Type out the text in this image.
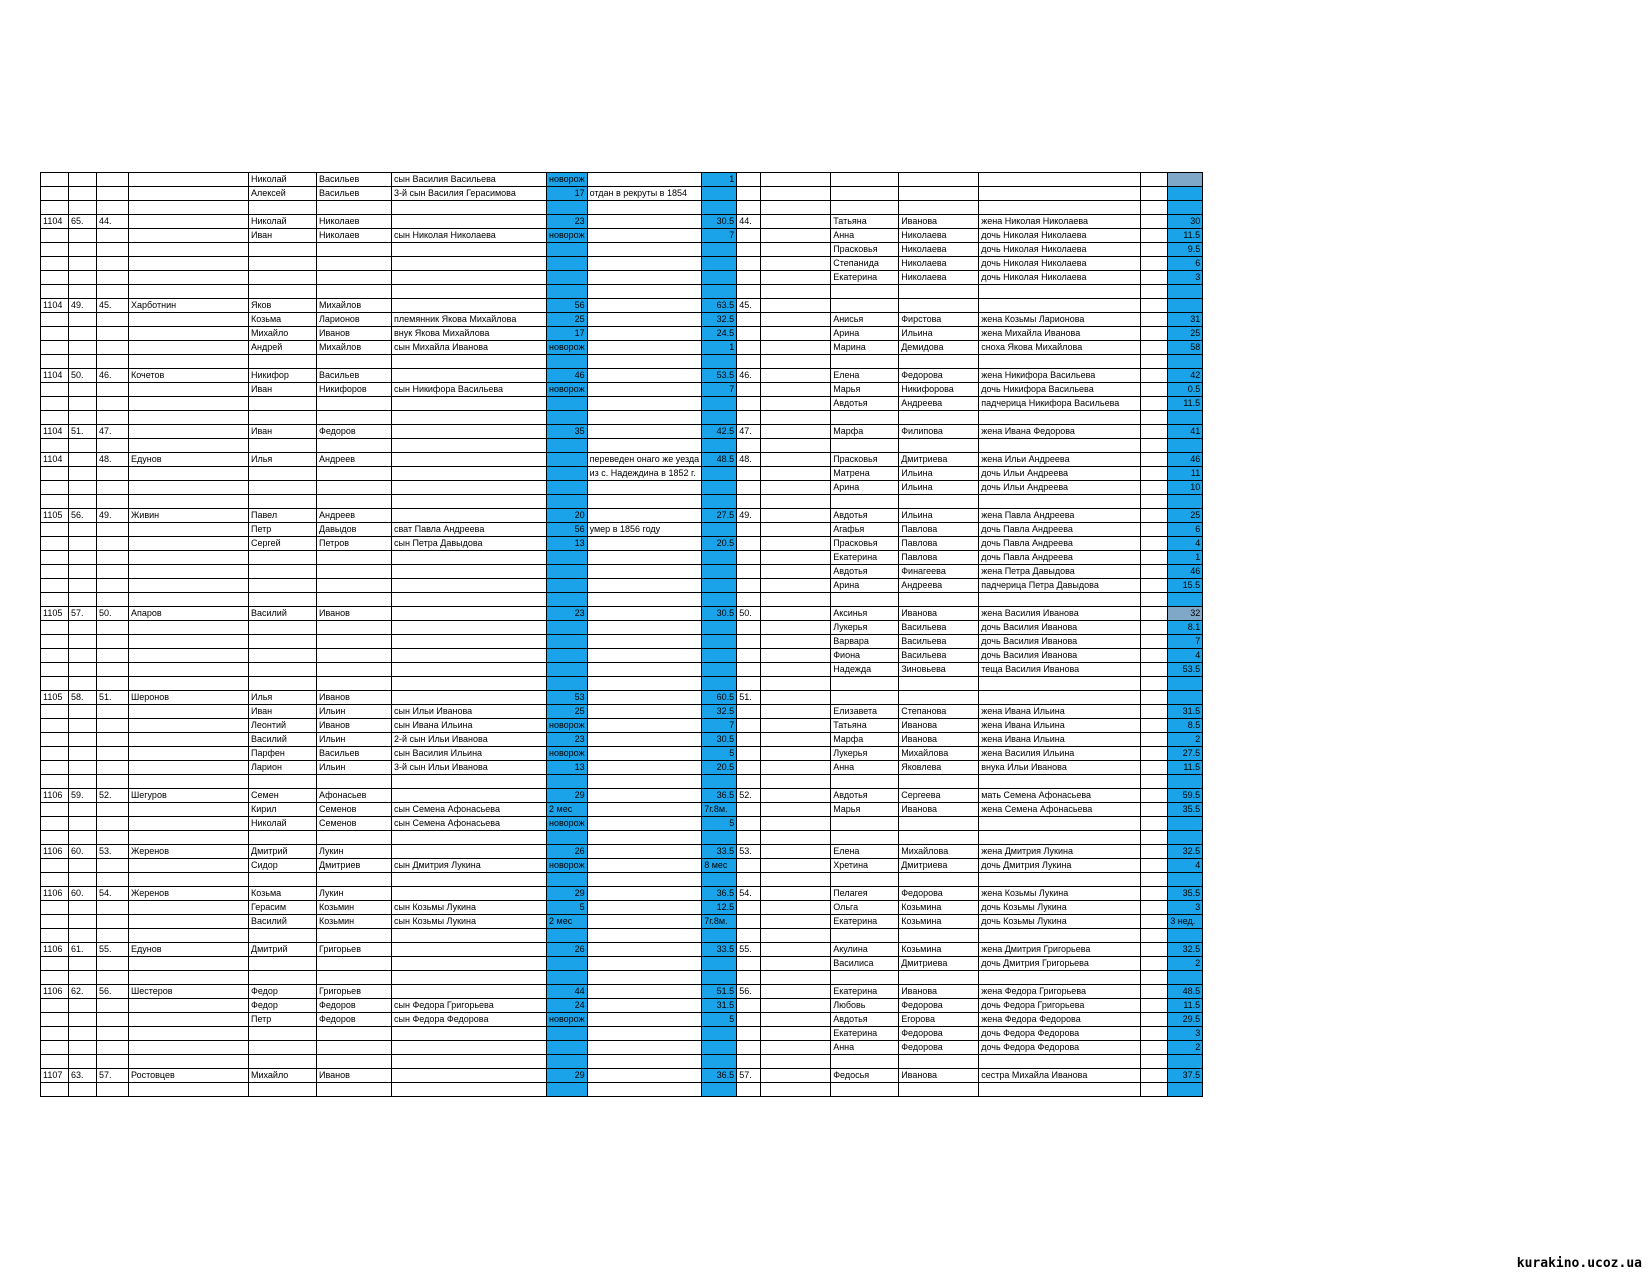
				Николай	Васильев	сын Василия Васильева	новорож		1							
				Алексей	Васильев	3-й сын Василия Герасимова	17	отдан в рекруты в 1854								

1104	65.	44.		Николай	Николаев		23		30.5	44.		Татьяна	Иванова	жена Николая Николаева		30
				Иван	Николаев	сын Николая Николаева	новорож		7			Анна	Николаева	дочь Николая Николаева		11.5
												Прасковья	Николаева	дочь Николая Николаева		9.5
												Степанида	Николаева	дочь Николая Николаева		6
												Екатерина	Николаева	дочь Николая Николаева		3

1104	49.	45.	Харботнин	Яков	Михайлов		56		63.5	45.						
				Козьма	Ларионов	племянник Якова Михайлова	25		32.5			Анисья	Фирстова	жена Козьмы Ларионова		31
				Михайло	Иванов	внук Якова Михайлова	17		24.5			Арина	Ильина	жена Михайла Иванова		25
				Андрей	Михайлов	сын Михайла Иванова	новорож		1			Марина	Демидова	сноха Якова Михайлова		58

1104	50.	46.	Кочетов	Никифор	Васильев		46		53.5	46.		Елена	Федорова	жена Никифора Васильева		42
				Иван	Никифоров	сын Никифора Васильева	новорож		7			Марья	Никифорова	дочь Никифора Васильева		0.5
												Авдотья	Андреева	падчерица Никифора Васильева		11.5

1104	51.	47.		Иван	Федоров		35		42.5	47.		Марфа	Филипова	жена Ивана Федорова		41

1104		48.	Едунов	Илья	Андреев			переведен онаго же уезда	48.5	48.		Прасковья	Дмитриева	жена Ильи Андреева		46
								из с. Надеждина в 1852 г.				Матрена	Ильина	дочь Ильи Андреева		11
												Арина	Ильина	дочь Ильи Андреева		10

1105	56.	49.	Живин	Павел	Андреев		20		27.5	49.		Авдотья	Ильина	жена Павла Андреева		25
				Петр	Давыдов	сват Павла Андреева	56	умер в 1856 году				Агафья	Павлова	дочь Павла Андреева		6
				Сергей	Петров	сын Петра Давыдова	13		20.5			Прасковья	Павлова	дочь Павла Андреева		4
												Екатерина	Павлова	дочь Павла Андреева		1
												Авдотья	Финагеева	жена Петра Давыдова		46
												Арина	Андреева	падчерица Петра Давыдова		15.5

1105	57.	50.	Апаров	Василий	Иванов		23		30.5	50.		Аксинья	Иванова	жена Василия Иванова		32
												Лукерья	Васильева	дочь Василия Иванова		8.1
												Варвара	Васильева	дочь Василия Иванова		7
												Фиона	Васильева	дочь Василия Иванова		4
												Надежда	Зиновьева	теща Василия Иванова		53.5

1105	58.	51.	Шеронов	Илья	Иванов		53		60.5	51.						
				Иван	Ильин	сын Ильи Иванова	25		32.5			Елизавета	Степанова	жена Ивана Ильина		31.5
				Леонтий	Иванов	сын Ивана Ильина	новорож		7			Татьяна	Иванова	жена Ивана Ильина		8.5
				Василий	Ильин	2-й сын Ильи Иванова	23		30.5			Марфа	Иванова	жена Ивана Ильина		2
				Парфен	Васильев	сын Василия Ильина	новорож		5			Лукерья	Михайлова	жена Василия Ильина		27.5
				Ларион	Ильин	3-й сын Ильи Иванова	13		20.5			Анна	Яковлева	внука Ильи Иванова		11.5

1106	59.	52.	Шегуров	Семен	Афонасьев		29		36.5	52.		Авдотья	Сергеева	мать Семена Афонасьева		59.5
				Кирил	Семенов	сын Семена Афонасьева	2 мес		7г.8м.			Марья	Иванова	жена Семена Афонасьева		35.5
				Николай	Семенов	сын Семена Афонасьева	новорож		5							

1106	60.	53.	Жеренов	Дмитрий	Лукин		26		33.5	53.		Елена	Михайлова	жена Дмитрия Лукина		32.5
				Сидор	Дмитриев	сын Дмитрия Лукина	новорож		8 мес			Хретина	Дмитриева	дочь Дмитрия Лукина		4

1106	60.	54.	Жеренов	Козьма	Лукин		29		36.5	54.		Пелагея	Федорова	жена Козьмы Лукина		35.5
				Герасим	Козьмин	сын Козьмы Лукина	5		12.5			Ольга	Козьмина	дочь Козьмы Лукина		3
				Василий	Козьмин	сын Козьмы Лукина	2 мес		7г.8м.			Екатерина	Козьмина	дочь Козьмы Лукина		3 нед.

1106	61.	55.	Едунов	Дмитрий	Григорьев		26		33.5	55.		Акулина	Козьмина	жена Дмитрия Григорьева		32.5
												Василиса	Дмитриева	дочь Дмитрия Григорьева		2

1106	62.	56.	Шестеров	Федор	Григорьев		44		51.5	56.		Екатерина	Иванова	жена Федора Григорьева		48.5
				Федор	Федоров	сын Федора Григорьева	24		31.5			Любовь	Федорова	дочь Федора Григорьева		11.5
				Петр	Федоров	сын Федора Федорова	новорож		5			Авдотья	Егорова	жена Федора Федорова		29.5
												Екатерина	Федорова	дочь Федора Федорова		3
												Анна	Федорова	дочь Федора Федорова		2

1107	63.	57.	Ростовцев	Михайло	Иванов		29		36.5	57.		Федосья	Иванова	сестра Михайла Иванова		37.5

kurakino.ucoz.ua
